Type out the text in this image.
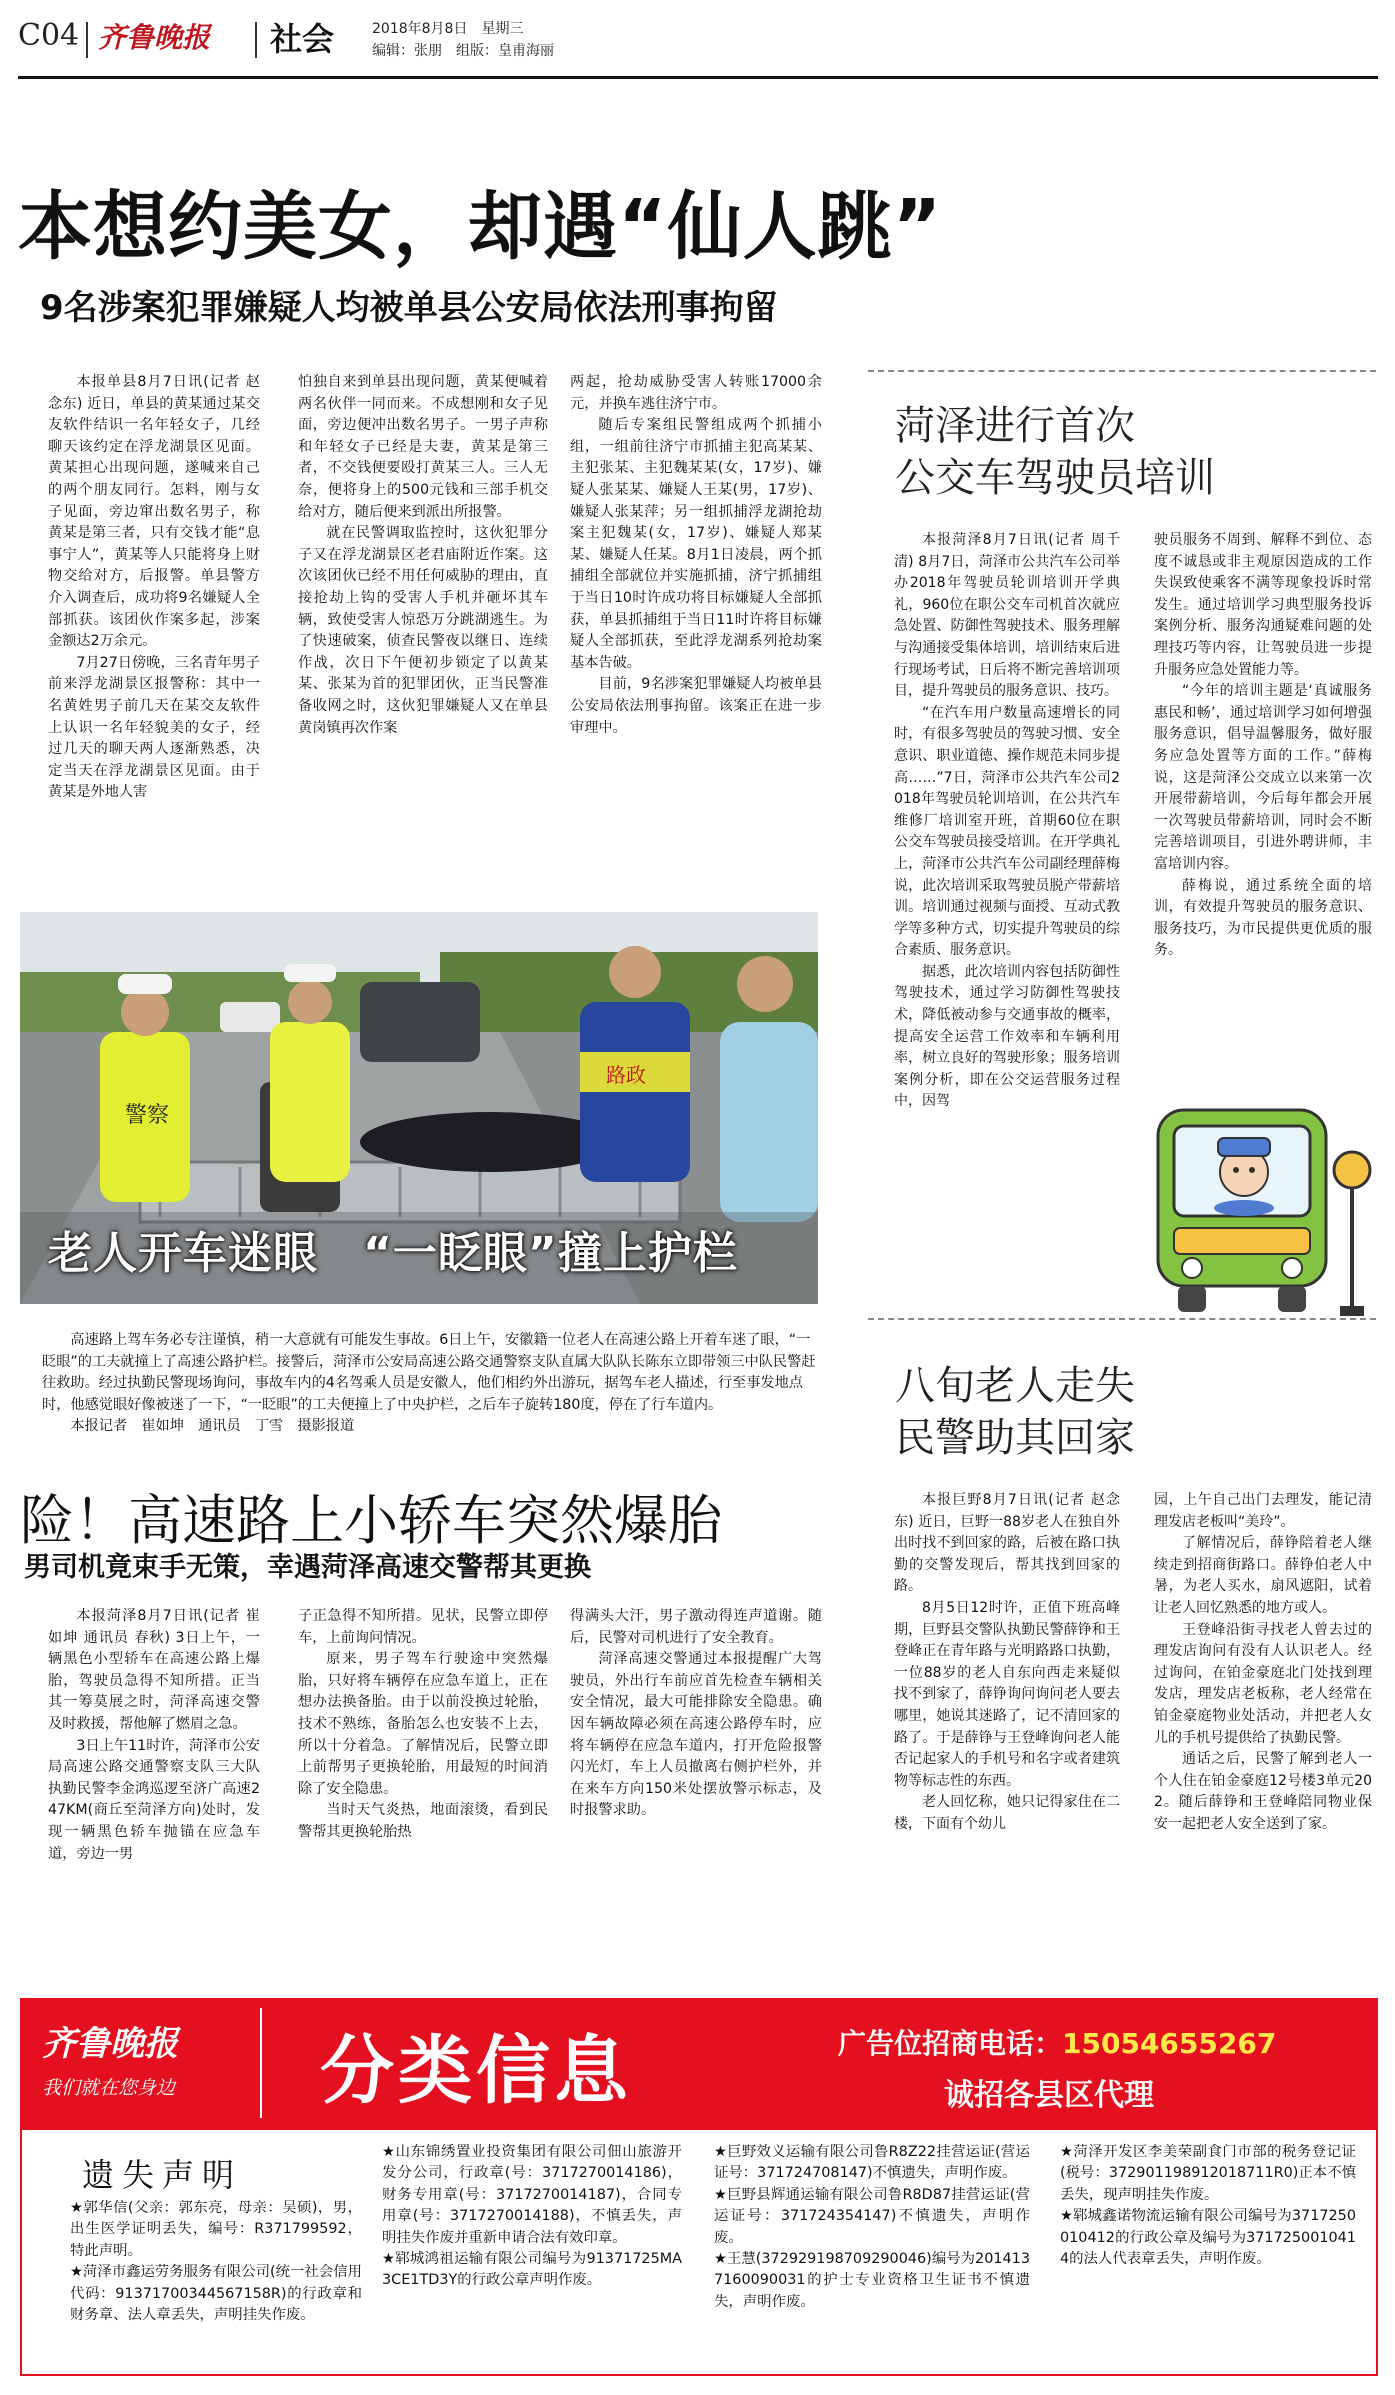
C04 齐鲁晚报 社会	2018年8月8日　星期三
编辑：张朋　组版：皇甫海丽
本想约美女，却遇“仙人跳”
9名涉案犯罪嫌疑人均被单县公安局依法刑事拘留

本报单县8月7日讯(记者 赵念东) 近日，单县的黄某通过某交友软件结识一名年轻女子，几经聊天该约定在浮龙湖景区见面。黄某担心出现问题，遂喊来自己的两个朋友同行。怎料，刚与女子见面，旁边窜出数名男子，称黄某是第三者，只有交钱才能“息事宁人”，黄某等人只能将身上财物交给对方，后报警。单县警方介入调查后，成功将9名嫌疑人全部抓获。该团伙作案多起，涉案金额达2万余元。

7月27日傍晚，三名青年男子前来浮龙湖景区报警称：其中一名黄姓男子前几天在某交友软件上认识一名年轻貌美的女子，经过几天的聊天两人逐渐熟悉，决定当天在浮龙湖景区见面。由于黄某是外地人害

怕独自来到单县出现问题，黄某便喊着两名伙伴一同而来。不成想刚和女子见面，旁边便冲出数名男子。一男子声称和年轻女子已经是夫妻，黄某是第三者，不交钱便要殴打黄某三人。三人无奈，便将身上的500元钱和三部手机交给对方，随后便来到派出所报警。

就在民警调取监控时，这伙犯罪分子又在浮龙湖景区老君庙附近作案。这次该团伙已经不用任何威胁的理由，直接抢劫上钩的受害人手机并砸坏其车辆，致使受害人惊恐万分跳湖逃生。为了快速破案，侦查民警夜以继日、连续作战，次日下午便初步锁定了以黄某某、张某为首的犯罪团伙，正当民警准备收网之时，这伙犯罪嫌疑人又在单县黄岗镇再次作案

两起，抢劫威胁受害人转账17000余元，并换车逃往济宁市。

随后专案组民警组成两个抓捕小组，一组前往济宁市抓捕主犯高某某、主犯张某、主犯魏某某(女，17岁)、嫌疑人张某某、嫌疑人王某(男，17岁)、嫌疑人张某萍；另一组抓捕浮龙湖抢劫案主犯魏某(女，17岁)、嫌疑人郑某某、嫌疑人任某。8月1日凌晨，两个抓捕组全部就位并实施抓捕，济宁抓捕组于当日10时许成功将目标嫌疑人全部抓获，单县抓捕组于当日11时许将目标嫌疑人全部抓获，至此浮龙湖系列抢劫案基本告破。

目前，9名涉案犯罪嫌疑人均被单县公安局依法刑事拘留。该案正在进一步审理中。

警察
路政
老人开车迷眼　“一眨眼”撞上护栏

高速路上驾车务必专注谨慎，稍一大意就有可能发生事故。6日上午，安徽籍一位老人在高速公路上开着车迷了眼，“一眨眼”的工夫就撞上了高速公路护栏。接警后，菏泽市公安局高速公路交通警察支队直属大队队长陈东立即带领三中队民警赶往救助。经过执勤民警现场询问，事故车内的4名驾乘人员是安徽人，他们相约外出游玩，据驾车老人描述，行至事发地点时，他感觉眼好像被迷了一下，“一眨眼”的工夫便撞上了中央护栏，之后车子旋转180度，停在了行车道内。

本报记者　崔如坤　通讯员　丁雪　摄影报道

险！高速路上小轿车突然爆胎
男司机竟束手无策，幸遇菏泽高速交警帮其更换

本报菏泽8月7日讯(记者 崔如坤 通讯员 春秋) 3日上午，一辆黑色小型轿车在高速公路上爆胎，驾驶员急得不知所措。正当其一筹莫展之时，菏泽高速交警及时救援，帮他解了燃眉之急。

3日上午11时许，菏泽市公安局高速公路交通警察支队三大队执勤民警李金鸿巡逻至济广高速247KM(商丘至菏泽方向)处时，发现一辆黑色轿车抛锚在应急车道，旁边一男

子正急得不知所措。见状，民警立即停车，上前询问情况。

原来，男子驾车行驶途中突然爆胎，只好将车辆停在应急车道上，正在想办法换备胎。由于以前没换过轮胎，技术不熟练，备胎怎么也安装不上去，所以十分着急。了解情况后，民警立即上前帮男子更换轮胎，用最短的时间消除了安全隐患。

当时天气炎热，地面滚烫，看到民警帮其更换轮胎热

得满头大汗，男子激动得连声道谢。随后，民警对司机进行了安全教育。

菏泽高速交警通过本报提醒广大驾驶员，外出行车前应首先检查车辆相关安全情况，最大可能排除安全隐患。确因车辆故障必须在高速公路停车时，应将车辆停在应急车道内，打开危险报警闪光灯，车上人员撤离右侧护栏外，并在来车方向150米处摆放警示标志，及时报警求助。

菏泽进行首次
公交车驾驶员培训

本报菏泽8月7日讯(记者 周千清) 8月7日，菏泽市公共汽车公司举办2018年驾驶员轮训培训开学典礼，960位在职公交车司机首次就应急处置、防御性驾驶技术、服务理解与沟通接受集体培训，培训结束后进行现场考试，日后将不断完善培训项目，提升驾驶员的服务意识、技巧。

“在汽车用户数量高速增长的同时，有很多驾驶员的驾驶习惯、安全意识、职业道德、操作规范未同步提高……”7日，菏泽市公共汽车公司2018年驾驶员轮训培训，在公共汽车维修厂培训室开班，首期60位在职公交车驾驶员接受培训。在开学典礼上，菏泽市公共汽车公司副经理薛梅说，此次培训采取驾驶员脱产带薪培训。培训通过视频与面授、互动式教学等多种方式，切实提升驾驶员的综合素质、服务意识。

据悉，此次培训内容包括防御性驾驶技术，通过学习防御性驾驶技术，降低被动参与交通事故的概率，提高安全运营工作效率和车辆利用率，树立良好的驾驶形象；服务培训案例分析，即在公交运营服务过程中，因驾

驶员服务不周到、解释不到位、态度不诚恳或非主观原因造成的工作失误致使乘客不满等现象投诉时常发生。通过培训学习典型服务投诉案例分析、服务沟通疑难问题的处理技巧等内容，让驾驶员进一步提升服务应急处置能力等。

“今年的培训主题是‘真诚服务　惠民和畅’，通过培训学习如何增强服务意识，倡导温馨服务，做好服务应急处置等方面的工作。”薛梅说，这是菏泽公交成立以来第一次开展带薪培训，今后每年都会开展一次驾驶员带薪培训，同时会不断完善培训项目，引进外聘讲师，丰富培训内容。

薛梅说，通过系统全面的培训，有效提升驾驶员的服务意识、服务技巧，为市民提供更优质的服务。

八旬老人走失
民警助其回家

本报巨野8月7日讯(记者 赵念东) 近日，巨野一88岁老人在独自外出时找不到回家的路，后被在路口执勤的交警发现后，帮其找到回家的路。

8月5日12时许，正值下班高峰期，巨野县交警队执勤民警薛铮和王登峰正在青年路与光明路路口执勤，一位88岁的老人自东向西走来疑似找不到家了，薛铮询问询问老人要去哪里，她说其迷路了，记不清回家的路了。于是薛铮与王登峰询问老人能否记起家人的手机号和名字或者建筑物等标志性的东西。

老人回忆称，她只记得家住在二楼，下面有个幼儿

园，上午自己出门去理发，能记清理发店老板叫“美玲”。

了解情况后，薛铮陪着老人继续走到招商街路口。薛铮伯老人中暑，为老人买水，扇风遮阳，试着让老人回忆熟悉的地方或人。

王登峰沿街寻找老人曾去过的理发店询问有没有人认识老人。经过询问，在铂金豪庭北门处找到理发店，理发店老板称，老人经常在铂金豪庭物业处活动，并把老人女儿的手机号提供给了执勤民警。

通话之后，民警了解到老人一个人住在铂金豪庭12号楼3单元202。随后薛铮和王登峰陪同物业保安一起把老人安全送到了家。

齐鲁晚报
我们就在您身边	分类信息	广告位招商电话：15054655267
诚招各县区代理
遗失声明
★郭华信(父亲：郭东亮，母亲：吴硕)，男，出生医学证明丢失，编号：R371799592，特此声明。
★菏泽市鑫运劳务服务有限公司(统一社会信用代码：91371700344567158R)的行政章和财务章、法人章丢失，声明挂失作废。
★山东锦绣置业投资集团有限公司佃山旅游开发分公司，行政章(号：3717270014186)，财务专用章(号：3717270014187)，合同专用章(号：3717270014188)，不慎丢失，声明挂失作废并重新申请合法有效印章。
★郓城鸿祖运输有限公司编号为91371725MA3CE1TD3Y的行政公章声明作废。
★巨野效义运输有限公司鲁R8Z22挂营运证(营运证号：371724708147)不慎遗失，声明作废。
★巨野县辉通运输有限公司鲁R8D87挂营运证(营运证号：371724354147)不慎遗失，声明作废。
★王慧(372929198709290046)编号为2014137160090031的护士专业资格卫生证书不慎遗失，声明作废。
★菏泽开发区李美荣副食门市部的税务登记证(税号：372901198912018711R0)正本不慎丢失，现声明挂失作废。
★郓城鑫诺物流运输有限公司编号为3717250010412的行政公章及编号为3717250010414的法人代表章丢失，声明作废。
